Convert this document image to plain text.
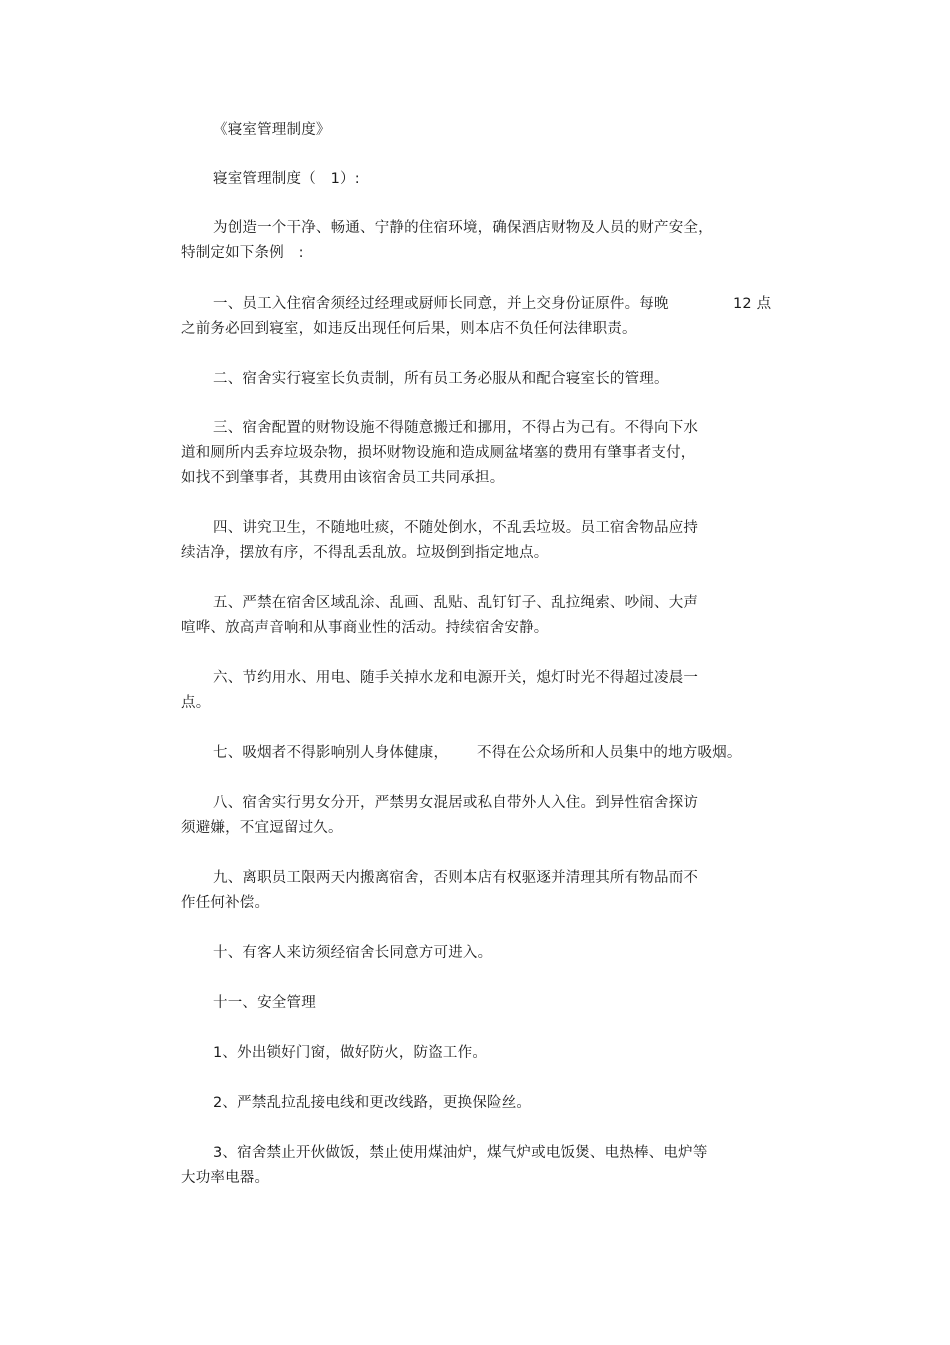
《寝室管理制度》
寝室管理制度（　1）:
为创造一个干净、畅通、宁静的住宿环境，确保酒店财物及人员的财产安全，
特制定如下条例　:
一、员工入住宿舍须经过经理或厨师长同意，并上交身份证原件。每晚	12 点
之前务必回到寝室，如违反出现任何后果，则本店不负任何法律职责。
二、宿舍实行寝室长负责制，所有员工务必服从和配合寝室长的管理。
三、宿舍配置的财物设施不得随意搬迁和挪用，不得占为己有。不得向下水
道和厕所内丢弃垃圾杂物，损坏财物设施和造成厕盆堵塞的费用有肇事者支付，
如找不到肇事者，其费用由该宿舍员工共同承担。
四、讲究卫生，不随地吐痰，不随处倒水，不乱丢垃圾。员工宿舍物品应持
续洁净，摆放有序，不得乱丢乱放。垃圾倒到指定地点。
五、严禁在宿舍区域乱涂、乱画、乱贴、乱钉钉子、乱拉绳索、吵闹、大声
喧哗、放高声音响和从事商业性的活动。持续宿舍安静。
六、节约用水、用电、随手关掉水龙和电源开关，熄灯时光不得超过凌晨一
点。
七、吸烟者不得影响别人身体健康， 不得在公众场所和人员集中的地方吸烟。
八、宿舍实行男女分开，严禁男女混居或私自带外人入住。到异性宿舍探访
须避嫌，不宜逗留过久。
九、离职员工限两天内搬离宿舍，否则本店有权驱逐并清理其所有物品而不
作任何补偿。
十、有客人来访须经宿舍长同意方可进入。
十一、安全管理
1、外出锁好门窗，做好防火，防盗工作。
2、严禁乱拉乱接电线和更改线路，更换保险丝。
3、宿舍禁止开伙做饭，禁止使用煤油炉，煤气炉或电饭煲、电热棒、电炉等
大功率电器。
